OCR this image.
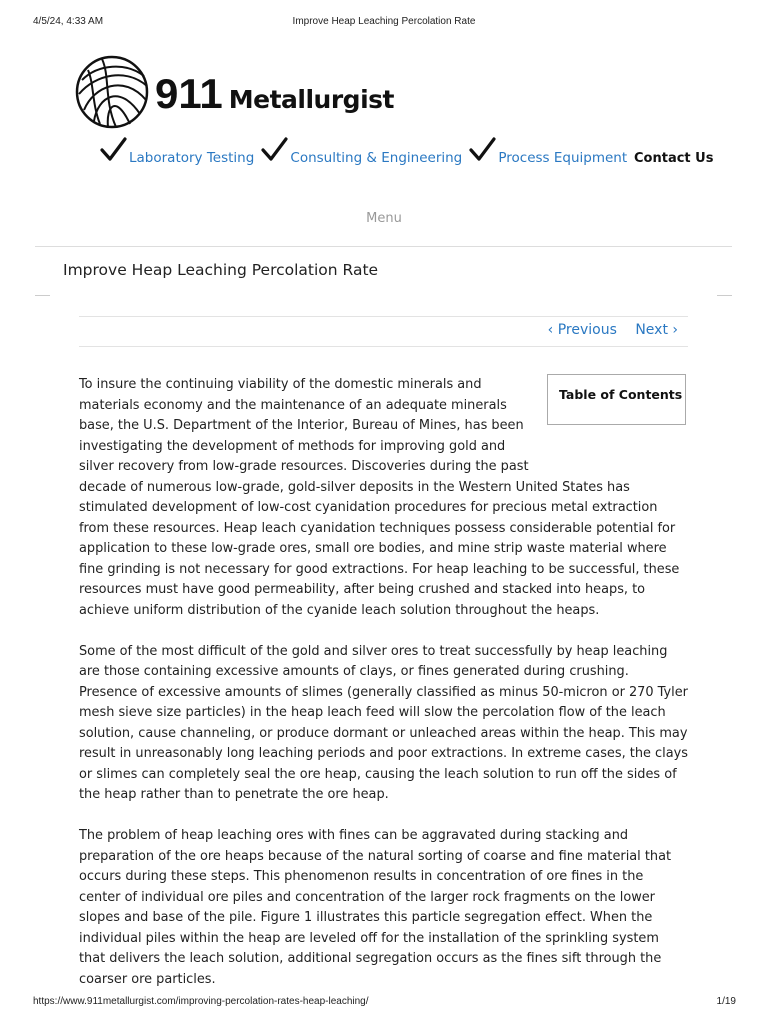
4/5/24, 4:33 AM	Improve Heap Leaching Percolation Rate
911 Metallurgist
Laboratory Testing	Consulting & Engineering	Process Equipment Contact Us
Menu
Improve Heap Leaching Percolation Rate
‹ Previous Next ›

To insure the continuing viability of the domestic minerals and materials economy and the maintenance of an adequate minerals base, the U.S. Department of the Interior, Bureau of Mines, has been investigating the development of methods for improving gold and silver recovery from low-grade resources. Discoveries during the past decade of numerous low-grade, gold-silver deposits in the Western United States has stimulated development of low-cost cyanidation procedures for precious metal extraction from these resources. Heap leach cyanidation techniques possess considerable potential for application to these low-grade ores, small ore bodies, and mine strip waste material where fine grinding is not necessary for good extractions. For heap leaching to be successful, these resources must have good permeability, after being crushed and stacked into heaps, to achieve uniform distribution of the cyanide leach solution throughout the heaps.

Some of the most difficult of the gold and silver ores to treat successfully by heap leaching are those containing excessive amounts of clays, or fines generated during crushing. Presence of excessive amounts of slimes (generally classified as minus 50-micron or 270 Tyler mesh sieve size particles) in the heap leach feed will slow the percolation flow of the leach solution, cause channeling, or produce dormant or unleached areas within the heap. This may result in unreasonably long leaching periods and poor extractions. In extreme cases, the clays or slimes can completely seal the ore heap, causing the leach solution to run off the sides of the heap rather than to penetrate the ore heap.

The problem of heap leaching ores with fines can be aggravated during stacking and preparation of the ore heaps because of the natural sorting of coarse and fine material that occurs during these steps. This phenomenon results in concentration of ore fines in the center of individual ore piles and concentration of the larger rock fragments on the lower slopes and base of the pile. Figure 1 illustrates this particle segregation effect. When the individual piles within the heap are leveled off for the installation of the sprinkling system that delivers the leach solution, additional segregation occurs as the fines sift through the coarser ore particles.

Table of Contents
https://www.911metallurgist.com/improving-percolation-rates-heap-leaching/	1/19
